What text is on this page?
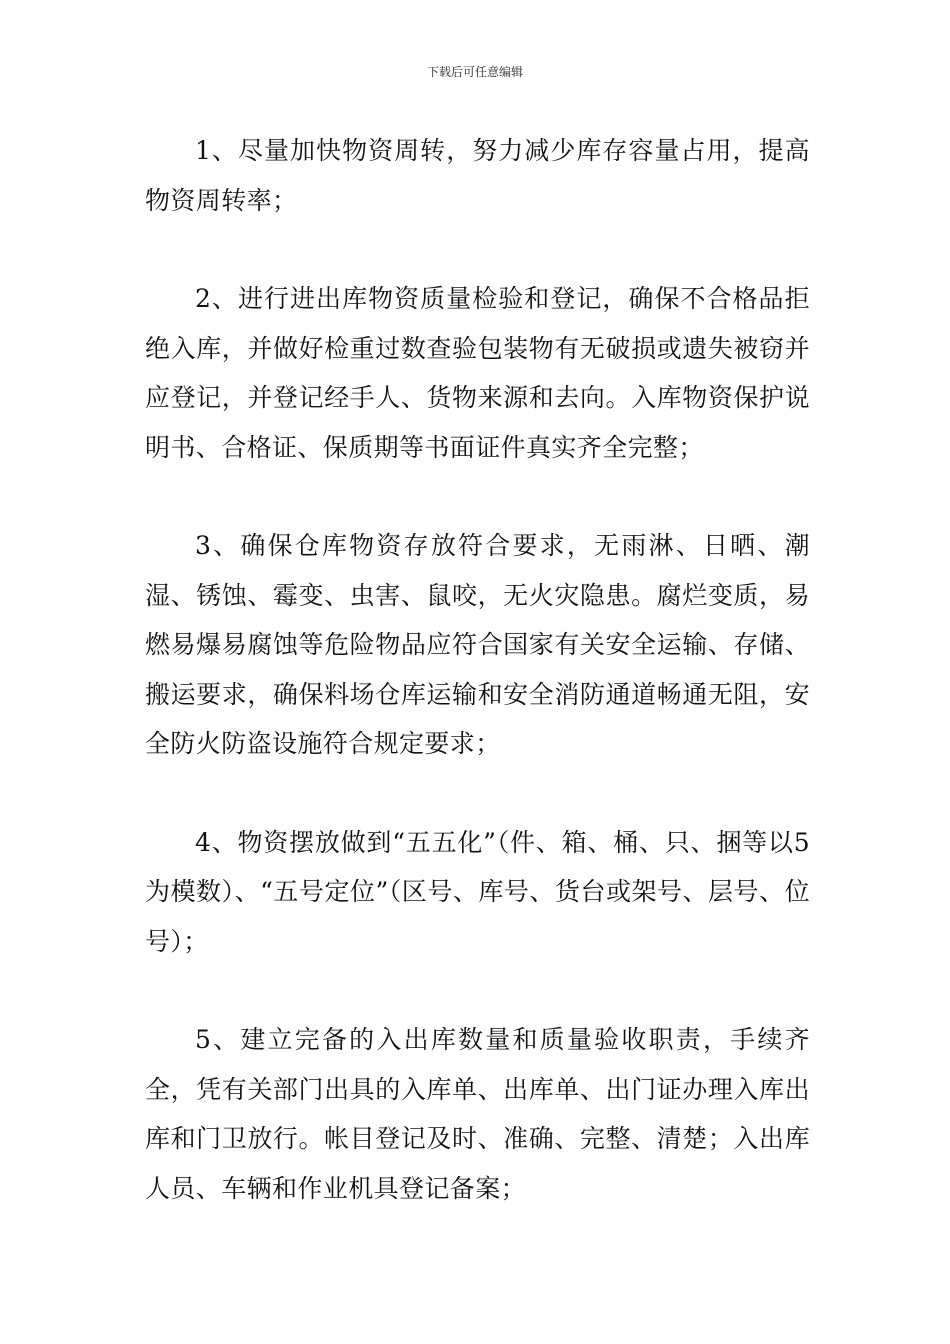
下载后可任意编辑

1、尽量加快物资周转，努力减少库存容量占用，提高物资周转率；

2、进行进出库物资质量检验和登记，确保不合格品拒绝入库，并做好检重过数查验包装物有无破损或遗失被窃并应登记，并登记经手人、货物来源和去向。入库物资保护说明书、合格证、保质期等书面证件真实齐全完整；

3、确保仓库物资存放符合要求，无雨淋、日晒、潮湿、锈蚀、霉变、虫害、鼠咬，无火灾隐患。腐烂变质，易燃易爆易腐蚀等危险物品应符合国家有关安全运输、存储、搬运要求，确保料场仓库运输和安全消防通道畅通无阻，安全防火防盗设施符合规定要求；

4、物资摆放做到“五五化”（件、箱、桶、只、捆等以5为模数）、“五号定位”（区号、库号、货台或架号、层号、位号）；

5、建立完备的入出库数量和质量验收职责，手续齐全，凭有关部门出具的入库单、出库单、出门证办理入库出库和门卫放行。帐目登记及时、准确、完整、清楚；入出库人员、车辆和作业机具登记备案；
